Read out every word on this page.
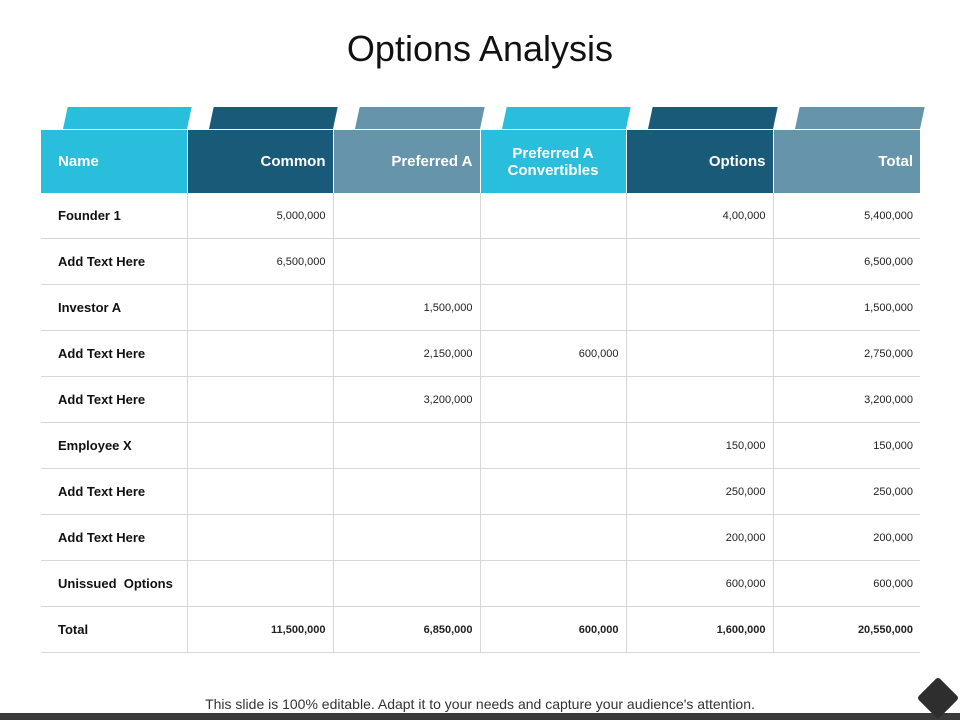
Options Analysis
Name	Common	Preferred A	Preferred A Convertibles	Options	Total
Founder 1	5,000,000			4,00,000	5,400,000
Add Text Here	6,500,000				6,500,000
Investor A		1,500,000			1,500,000
Add Text Here		2,150,000	600,000		2,750,000
Add Text Here		3,200,000			3,200,000
Employee X				150,000	150,000
Add Text Here				250,000	250,000
Add Text Here				200,000	200,000
Unissued  Options				600,000	600,000
Total	11,500,000	6,850,000	600,000	1,600,000	20,550,000
This slide is 100% editable. Adapt it to your needs and capture your audience's attention.
